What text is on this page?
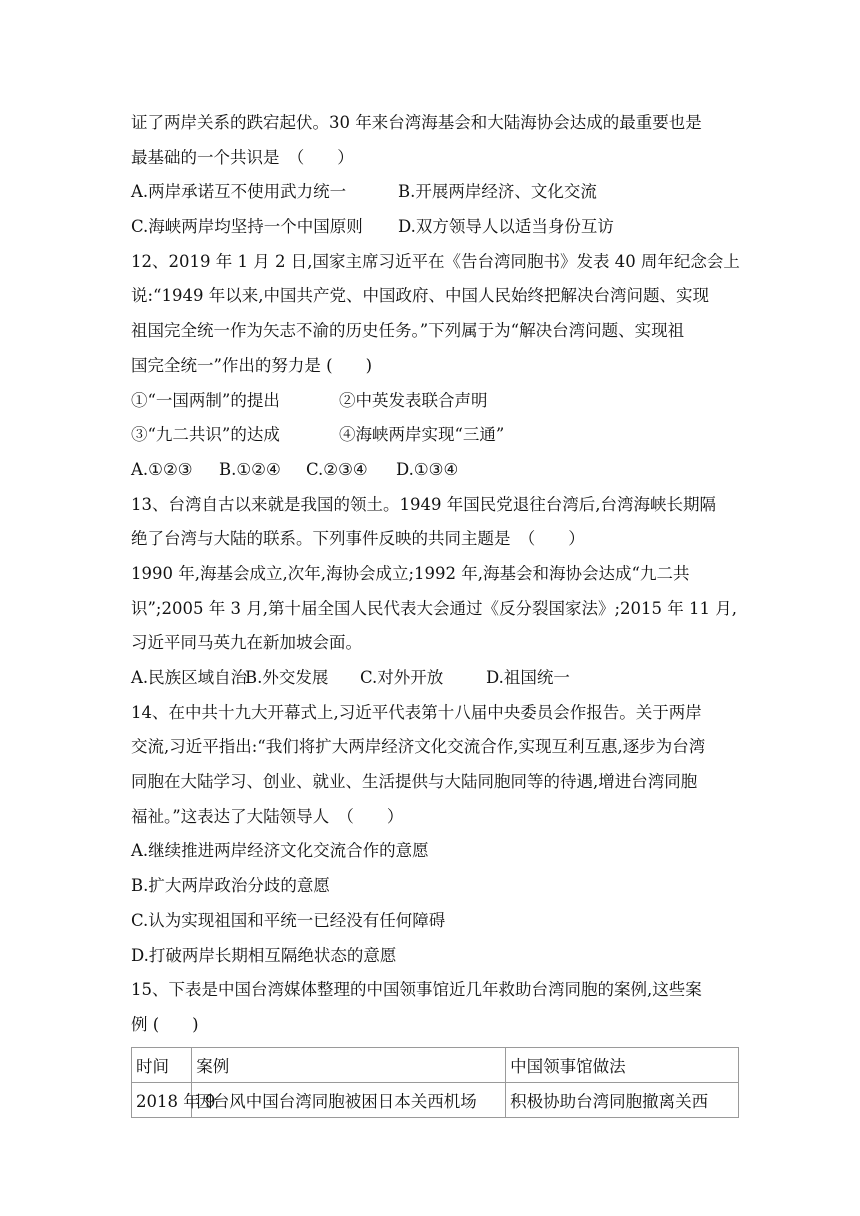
证了两岸关系的跌宕起伏。30 年来台湾海基会和大陆海协会达成的最重要也是
最基础的一个共识是　（　　）
A.两岸承诺互不使用武力统一	B.开展两岸经济、文化交流
C.海峡两岸均坚持一个中国原则 D.双方领导人以适当身份互访
12、2019 年 1 月 2 日,国家主席习近平在《告台湾同胞书》发表 40 周年纪念会上
说:“1949 年以来,中国共产党、中国政府、中国人民始终把解决台湾问题、实现
祖国完全统一作为矢志不渝的历史任务。”下列属于为“解决台湾问题、实现祖
国完全统一”作出的努力是 (　　)
①“一国两制”的提出	②中英发表联合声明
③“九二共识”的达成	④海峡两岸实现“三通”
A.①②③ B.①②④ C.②③④ D.①③④
13、台湾自古以来就是我国的领土。1949 年国民党退往台湾后,台湾海峡长期隔
绝了台湾与大陆的联系。下列事件反映的共同主题是　（　　）
1990 年,海基会成立,次年,海协会成立;1992 年,海基会和海协会达成“九二共
识”;2005 年 3 月,第十届全国人民代表大会通过《反分裂国家法》;2015 年 11 月,
习近平同马英九在新加坡会面。
A.民族区域自治B.外交发展 C.对外开放	D.祖国统一
14、在中共十九大开幕式上,习近平代表第十八届中央委员会作报告。关于两岸
交流,习近平指出:“我们将扩大两岸经济文化交流合作,实现互利互惠,逐步为台湾
同胞在大陆学习、创业、就业、生活提供与大陆同胞同等的待遇,增进台湾同胞
福祉。”这表达了大陆领导人　（　　）
A.继续推进两岸经济文化交流合作的意愿
B.扩大两岸政治分歧的意愿
C.认为实现祖国和平统一已经没有任何障碍
D.打破两岸长期相互隔绝状态的意愿
15、下表是中国台湾媒体整理的中国领事馆近几年救助台湾同胞的案例,这些案
例 (　　)
时间	案例	中国领事馆做法
2018 年 9	因台风中国台湾同胞被困日本关西机场	积极协助台湾同胞撤离关西
